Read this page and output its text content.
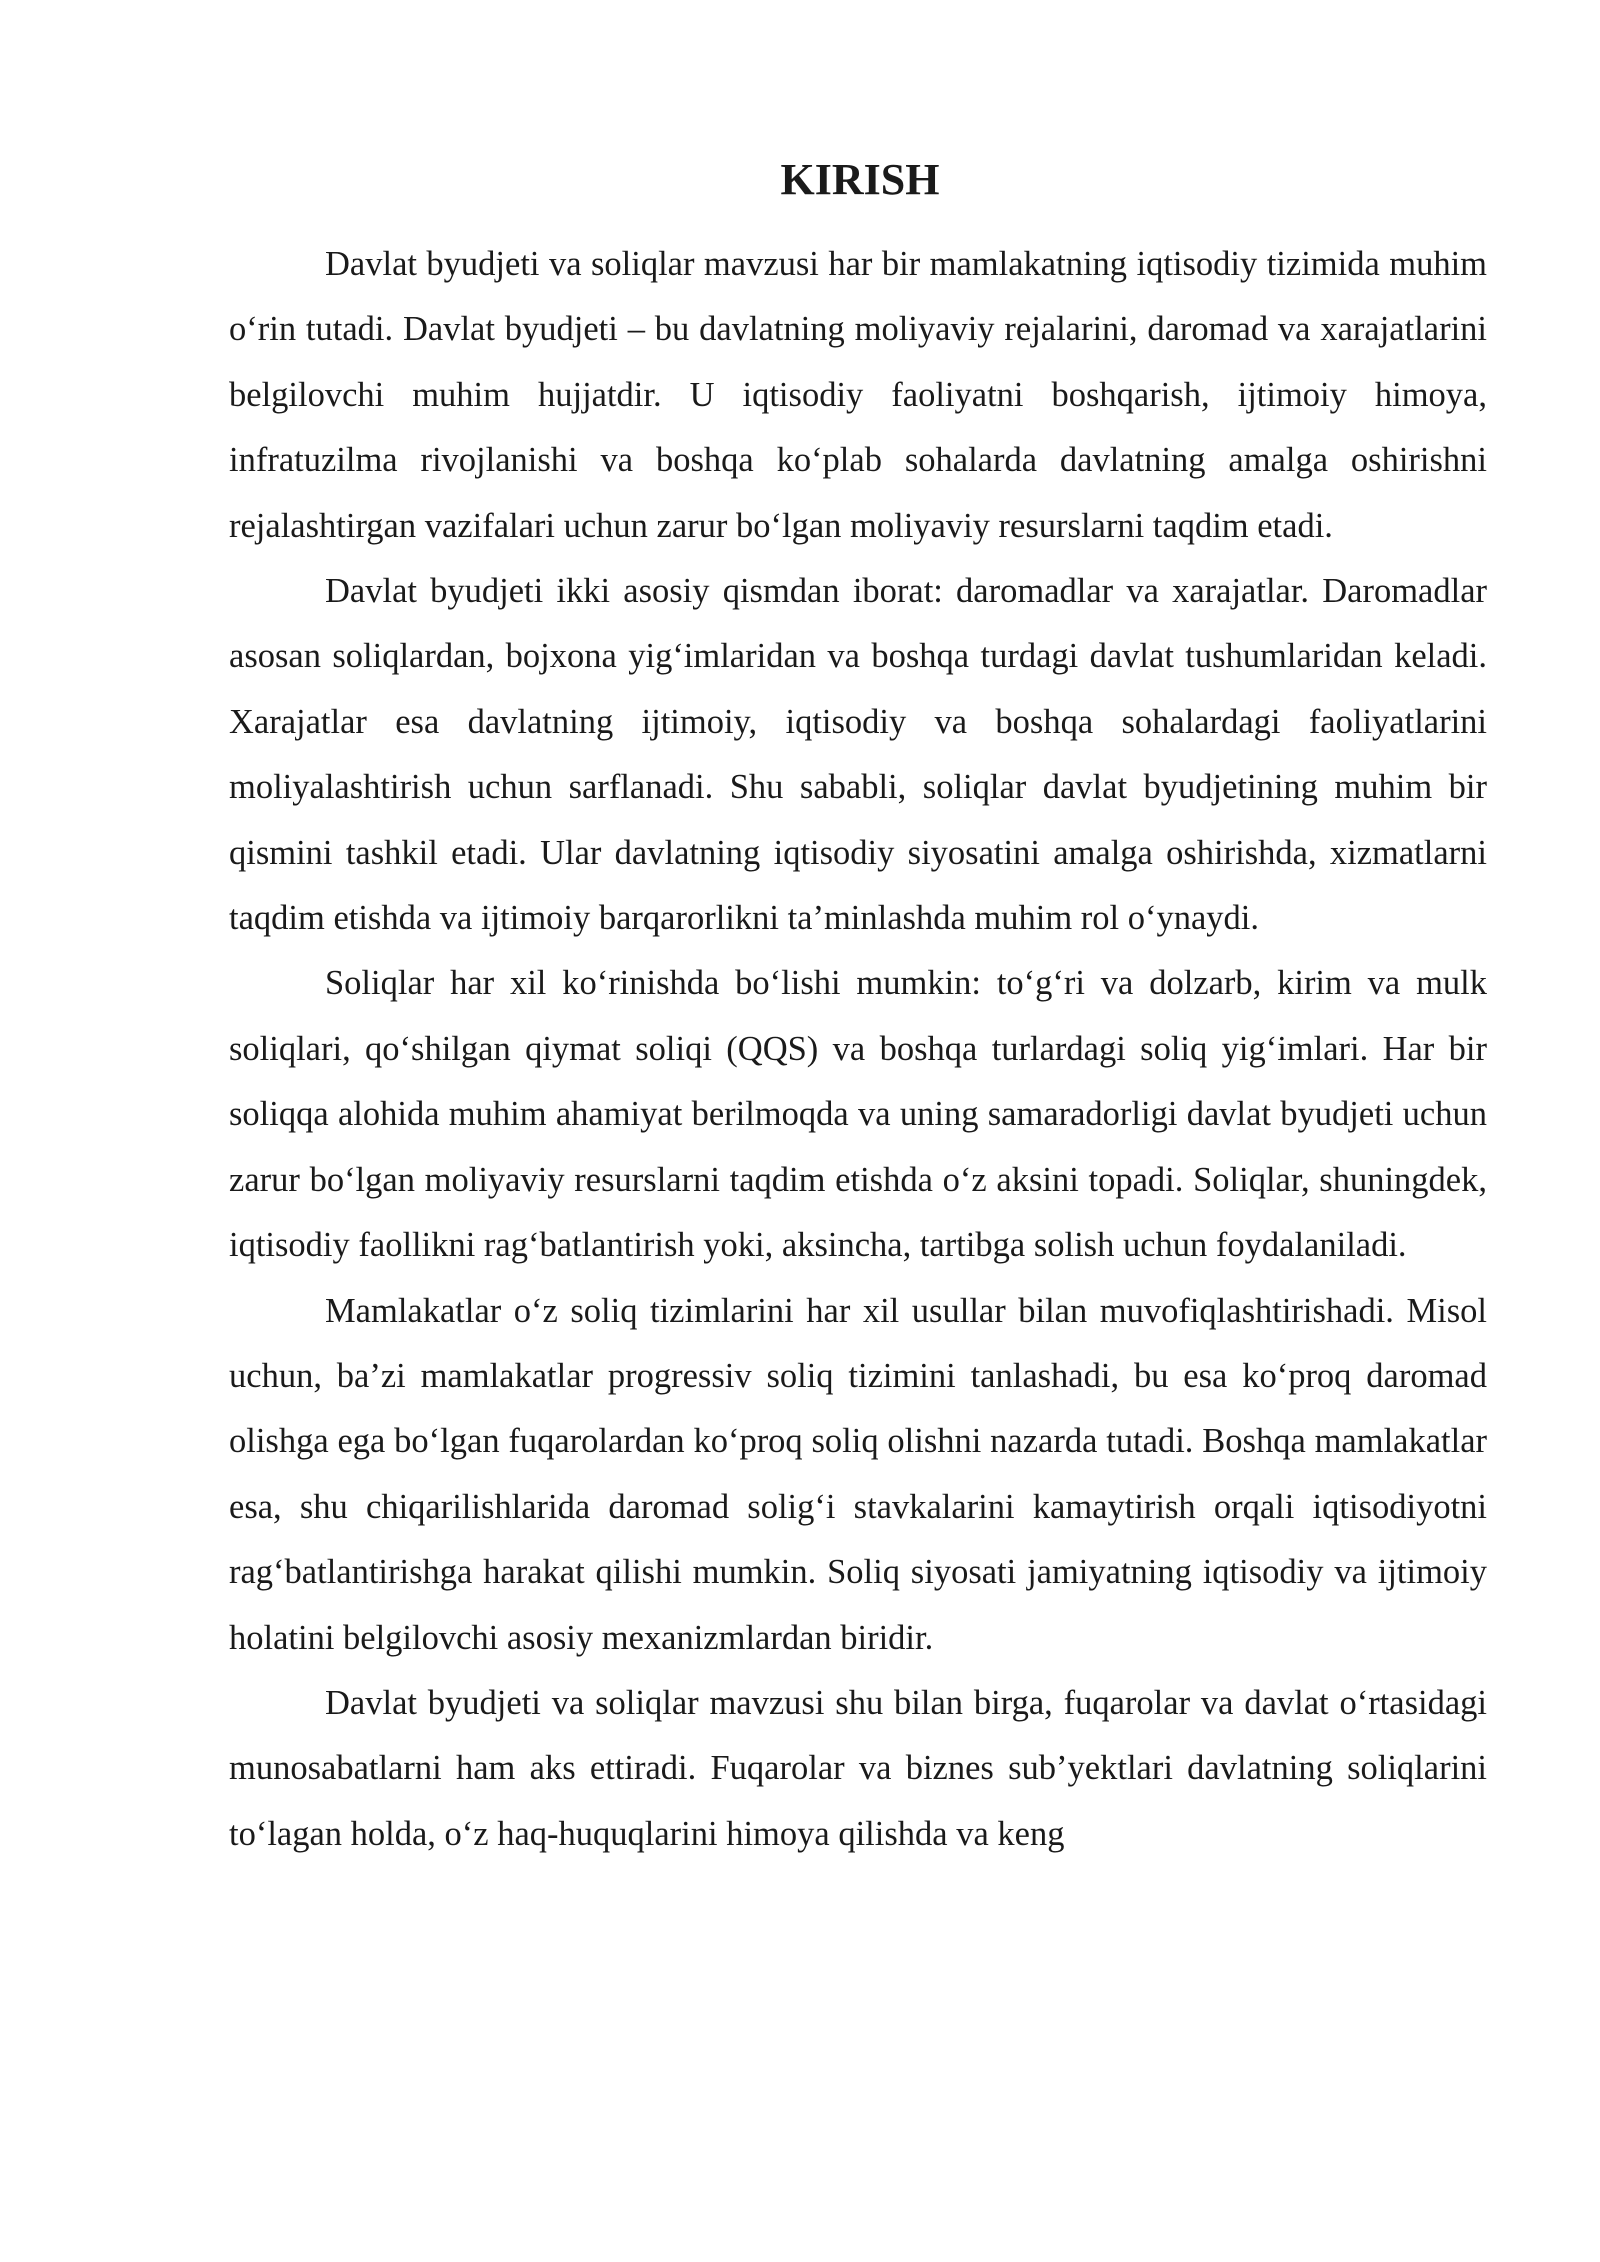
KIRISH

Davlat byudjeti va soliqlar mavzusi har bir mamlakatning iqtisodiy tizimida muhim o‘rin tutadi. Davlat byudjeti – bu davlatning moliyaviy rejalarini, daromad va xarajatlarini belgilovchi muhim hujjatdir. U iqtisodiy faoliyatni boshqarish, ijtimoiy himoya, infratuzilma rivojlanishi va boshqa ko‘plab sohalarda davlatning amalga oshirishni rejalashtirgan vazifalari uchun zarur bo‘lgan moliyaviy resurslarni taqdim etadi.

Davlat byudjeti ikki asosiy qismdan iborat: daromadlar va xarajatlar. Daromadlar asosan soliqlardan, bojxona yig‘imlaridan va boshqa turdagi davlat tushumlaridan keladi. Xarajatlar esa davlatning ijtimoiy, iqtisodiy va boshqa sohalardagi faoliyatlarini moliyalashtirish uchun sarflanadi. Shu sababli, soliqlar davlat byudjetining muhim bir qismini tashkil etadi. Ular davlatning iqtisodiy siyosatini amalga oshirishda, xizmatlarni taqdim etishda va ijtimoiy barqarorlikni ta’minlashda muhim rol o‘ynaydi.

Soliqlar har xil ko‘rinishda bo‘lishi mumkin: to‘g‘ri va dolzarb, kirim va mulk soliqlari, qo‘shilgan qiymat soliqi (QQS) va boshqa turlardagi soliq yig‘imlari. Har bir soliqqa alohida muhim ahamiyat berilmoqda va uning samaradorligi davlat byudjeti uchun zarur bo‘lgan moliyaviy resurslarni taqdim etishda o‘z aksini topadi. Soliqlar, shuningdek, iqtisodiy faollikni rag‘batlantirish yoki, aksincha, tartibga solish uchun foydalaniladi.

Mamlakatlar o‘z soliq tizimlarini har xil usullar bilan muvofiqlashtirishadi. Misol uchun, ba’zi mamlakatlar progressiv soliq tizimini tanlashadi, bu esa ko‘proq daromad olishga ega bo‘lgan fuqarolardan ko‘proq soliq olishni nazarda tutadi. Boshqa mamlakatlar esa, shu chiqarilishlarida daromad solig‘i stavkalarini kamaytirish orqali iqtisodiyotni rag‘batlantirishga harakat qilishi mumkin. Soliq siyosati jamiyatning iqtisodiy va ijtimoiy holatini belgilovchi asosiy mexanizmlardan biridir.

Davlat byudjeti va soliqlar mavzusi shu bilan birga, fuqarolar va davlat o‘rtasidagi munosabatlarni ham aks ettiradi. Fuqarolar va biznes sub’yektlari davlatning soliqlarini to‘lagan holda, o‘z haq-huquqlarini himoya qilishda va keng
